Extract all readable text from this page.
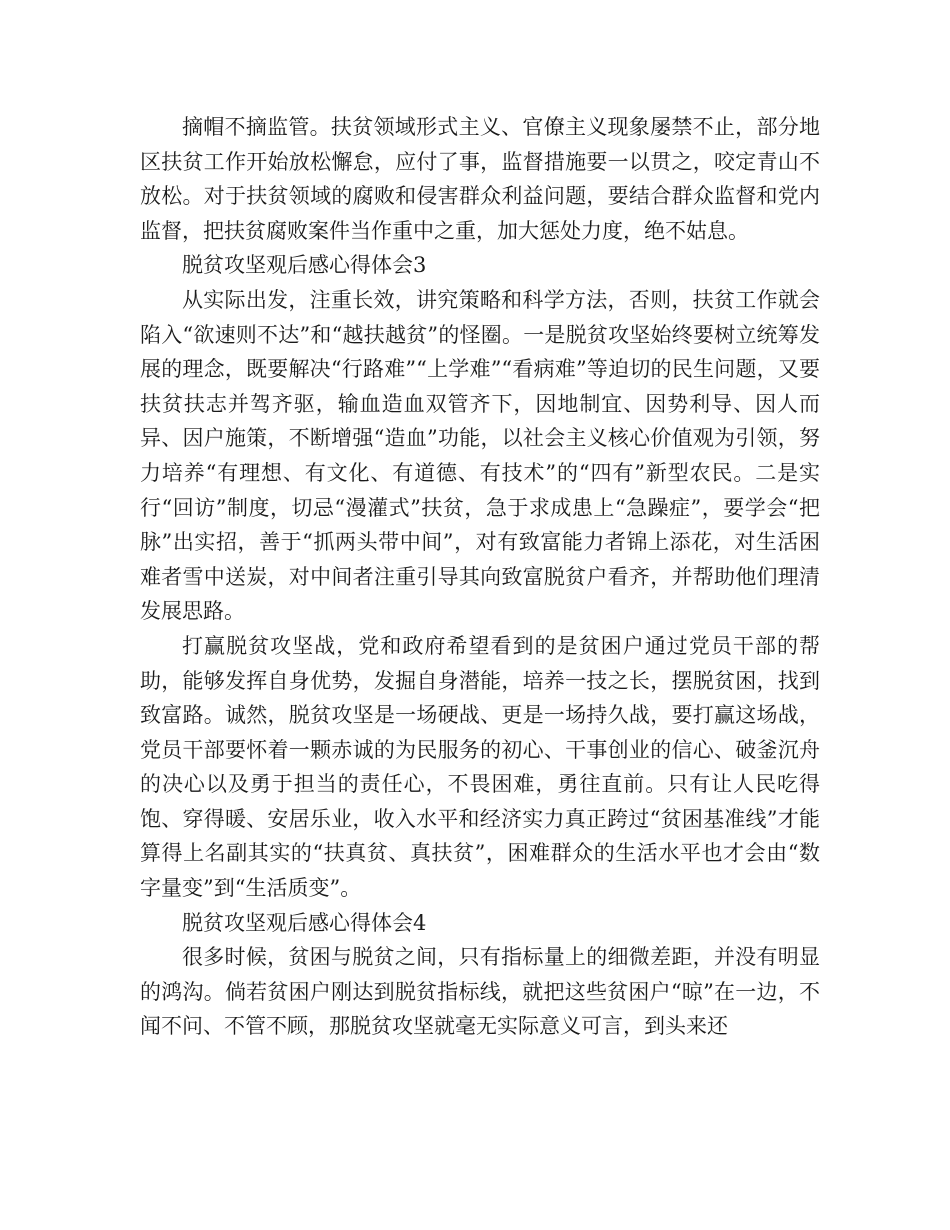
摘帽不摘监管。扶贫领域形式主义、官僚主义现象屡禁不止，部分地区扶贫工作开始放松懈怠，应付了事，监督措施要一以贯之，咬定青山不放松。对于扶贫领域的腐败和侵害群众利益问题，要结合群众监督和党内监督，把扶贫腐败案件当作重中之重，加大惩处力度，绝不姑息。

脱贫攻坚观后感心得体会3

从实际出发，注重长效，讲究策略和科学方法，否则，扶贫工作就会陷入“欲速则不达”和“越扶越贫”的怪圈。一是脱贫攻坚始终要树立统筹发展的理念，既要解决“行路难”“上学难”“看病难”等迫切的民生问题，又要扶贫扶志并驾齐驱，输血造血双管齐下，因地制宜、因势利导、因人而异、因户施策，不断增强“造血”功能，以社会主义核心价值观为引领，努力培养“有理想、有文化、有道德、有技术”的“四有”新型农民。二是实行“回访”制度，切忌“漫灌式”扶贫，急于求成患上“急躁症”，要学会“把脉”出实招，善于“抓两头带中间”，对有致富能力者锦上添花，对生活困难者雪中送炭，对中间者注重引导其向致富脱贫户看齐，并帮助他们理清发展思路。

打赢脱贫攻坚战，党和政府希望看到的是贫困户通过党员干部的帮助，能够发挥自身优势，发掘自身潜能，培养一技之长，摆脱贫困，找到致富路。诚然，脱贫攻坚是一场硬战、更是一场持久战，要打赢这场战，党员干部要怀着一颗赤诚的为民服务的初心、干事创业的信心、破釜沉舟的决心以及勇于担当的责任心，不畏困难，勇往直前。只有让人民吃得饱、穿得暖、安居乐业，收入水平和经济实力真正跨过“贫困基准线”才能算得上名副其实的“扶真贫、真扶贫”，困难群众的生活水平也才会由“数字量变”到“生活质变”。

脱贫攻坚观后感心得体会4

很多时候，贫困与脱贫之间，只有指标量上的细微差距，并没有明显的鸿沟。倘若贫困户刚达到脱贫指标线，就把这些贫困户“晾”在一边，不闻不问、不管不顾，那脱贫攻坚就毫无实际意义可言，到头来还
